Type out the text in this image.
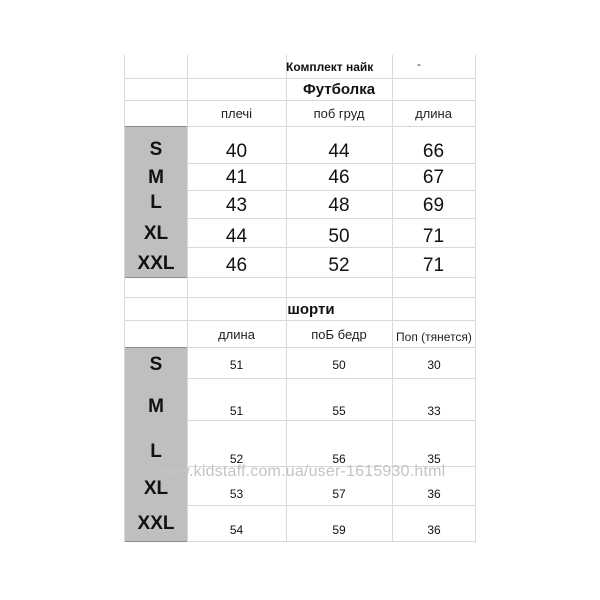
Комплект найк	-
Футболка
плечі	поб груд	длина
S	40	44	66
M	41	46	67
L	43	48	69
XL	44	50	71
XXL	46	52	71
шорти
длина	поБ бедр	Поп (тянется)
S	51	50	30
M	51	55	33
L	52	56	35
XL	53	57	36
XXL	54	59	36
www.kidstaff.com.ua/user-1615930.html
